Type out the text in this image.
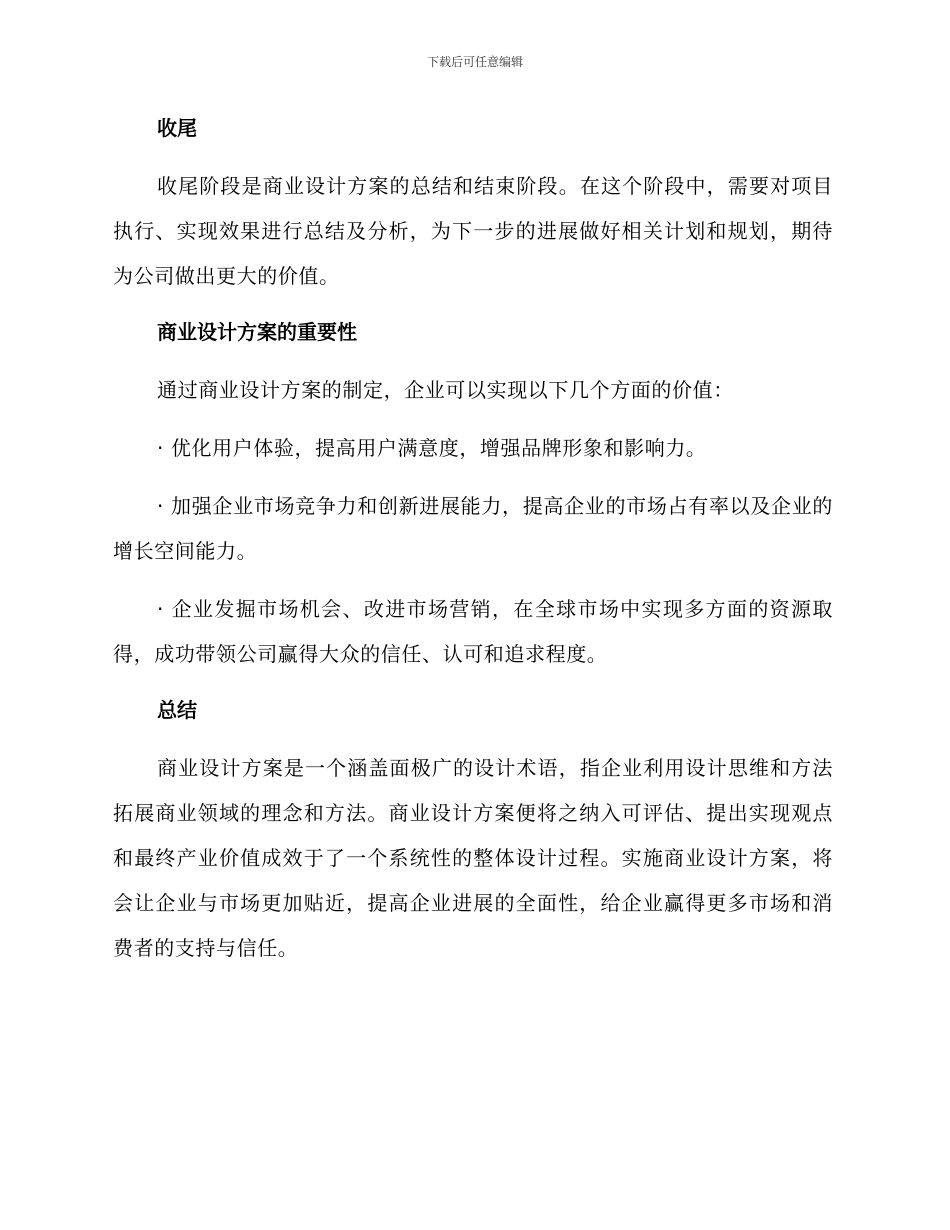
下载后可任意编辑
收尾

收尾阶段是商业设计方案的总结和结束阶段。在这个阶段中，需要对项目执行、实现效果进行总结及分析，为下一步的进展做好相关计划和规划，期待为公司做出更大的价值。

商业设计方案的重要性

通过商业设计方案的制定，企业可以实现以下几个方面的价值：

· 优化用户体验，提高用户满意度，增强品牌形象和影响力。

· 加强企业市场竞争力和创新进展能力，提高企业的市场占有率以及企业的增长空间能力。

· 企业发掘市场机会、改进市场营销，在全球市场中实现多方面的资源取得，成功带领公司赢得大众的信任、认可和追求程度。

总结

商业设计方案是一个涵盖面极广的设计术语，指企业利用设计思维和方法拓展商业领域的理念和方法。商业设计方案便将之纳入可评估、提出实现观点和最终产业价值成效于了一个系统性的整体设计过程。实施商业设计方案，将会让企业与市场更加贴近，提高企业进展的全面性，给企业赢得更多市场和消费者的支持与信任。
